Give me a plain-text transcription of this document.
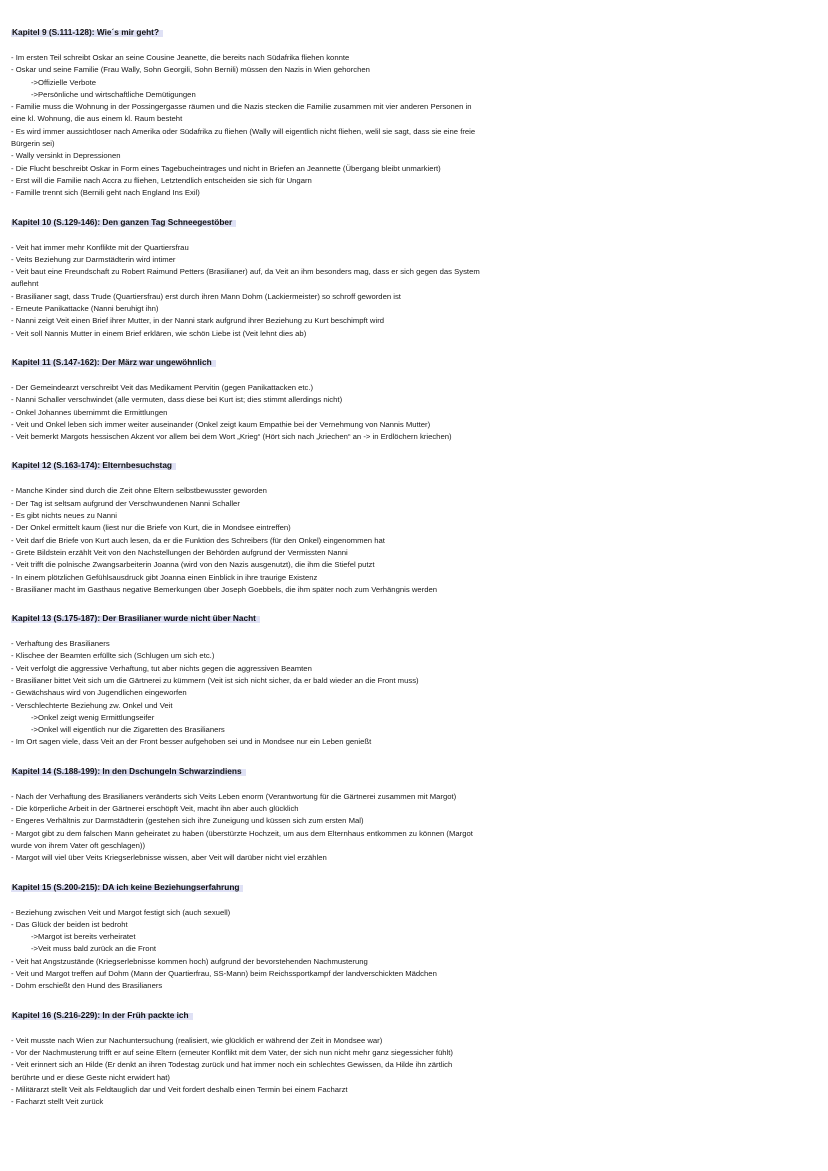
Kapitel 9 (S.111-128): Wie´s mir geht?
- Im ersten Teil schreibt Oskar an seine Cousine Jeanette, die bereits nach Südafrika fliehen konnte
- Oskar und seine Familie (Frau Wally, Sohn Georgili, Sohn Bernili) müssen den Nazis in Wien gehorchen
->Offizielle Verbote
->Persönliche und wirtschaftliche Demütigungen
- Familie muss die Wohnung in der Possingergasse räumen und die Nazis stecken die Familie zusammen mit vier anderen Personen in
eine kl. Wohnung, die aus einem kl. Raum besteht
- Es wird immer aussichtloser nach Amerika oder Südafrika zu fliehen (Wally will eigentlich nicht fliehen, welil sie sagt, dass sie eine freie
Bürgerin sei)
- Wally versinkt in Depressionen
- Die Flucht beschreibt Oskar in Form eines Tagebucheintrages und nicht in Briefen an Jeannette (Übergang bleibt unmarkiert)
- Erst will die Familie nach Accra zu fliehen, Letztendlich entscheiden sie sich für Ungarn
- Famille trennt sich (Bernili geht nach England Ins Exil)
Kapitel 10 (S.129-146): Den ganzen Tag Schneegestöber
- Veit hat immer mehr Konflikte mit der Quartiersfrau
- Veits Beziehung zur Darmstädterin wird intimer
- Veit baut eine Freundschaft zu Robert Raimund Petters (Brasilianer) auf, da Veit an ihm besonders mag, dass er sich gegen das System
auflehnt
- Brasilianer sagt, dass Trude (Quartiersfrau) erst durch ihren Mann Dohm (Lackiermeister) so schroff geworden ist
- Erneute Panikattacke (Nanni beruhigt ihn)
- Nanni zeigt Veit einen Brief ihrer Mutter, in der Nanni stark aufgrund ihrer Beziehung zu Kurt beschimpft wird
- Veit soll Nannis Mutter in einem Brief erklären, wie schön Liebe ist (Veit lehnt dies ab)
Kapitel 11 (S.147-162): Der März war ungewöhnlich
- Der Gemeindearzt verschreibt Veit das Medikament Pervitin (gegen Panikattacken etc.)
- Nanni Schaller verschwindet (alle vermuten, dass diese bei Kurt ist; dies stimmt allerdings nicht)
- Onkel Johannes übernimmt die Ermittlungen
- Veit und Onkel leben sich immer weiter auseinander (Onkel zeigt kaum Empathie bei der Vernehmung von Nannis Mutter)
- Veit bemerkt Margots hessischen Akzent vor allem bei dem Wort „Krieg“ (Hört sich nach „kriechen“ an -> in Erdlöchern kriechen)
Kapitel 12 (S.163-174): Elternbesuchstag
- Manche Kinder sind durch die Zeit ohne Eltern selbstbewusster geworden
- Der Tag ist seltsam aufgrund der Verschwundenen Nanni Schaller
- Es gibt nichts neues zu Nanni
- Der Onkel ermittelt kaum (liest nur die Briefe von Kurt, die in Mondsee eintreffen)
- Veit darf die Briefe von Kurt auch lesen, da er die Funktion des Schreibers (für den Onkel) eingenommen hat
- Grete Bildstein erzählt Veit von den Nachstellungen der Behörden aufgrund der Vermissten Nanni
- Veit trifft die polnische Zwangsarbeiterin Joanna (wird von den Nazis ausgenutzt), die ihm die Stiefel putzt
- In einem plötzlichen Gefühlsausdruck gibt Joanna einen Einblick in ihre traurige Existenz
- Brasilianer macht im Gasthaus negative Bemerkungen über Joseph Goebbels, die ihm später noch zum Verhängnis werden
Kapitel 13 (S.175-187): Der Brasilianer wurde nicht über Nacht
- Verhaftung des Brasilianers
- Klischee der Beamten erfüllte sich (Schlugen um sich etc.)
- Veit verfolgt die aggressive Verhaftung, tut aber nichts gegen die aggressiven Beamten
- Brasilianer bittet Veit sich um die Gärtnerei zu kümmern (Veit ist sich nicht sicher, da er bald wieder an die Front muss)
- Gewächshaus wird von Jugendlichen eingeworfen
- Verschlechterte Beziehung zw. Onkel und Veit
->Onkel zeigt wenig Ermittlungseifer
->Onkel will eigentlich nur die Zigaretten des Brasilianers
- Im Ort sagen viele, dass Veit an der Front besser aufgehoben sei und in Mondsee nur ein Leben genießt
Kapitel 14 (S.188-199): In den Dschungeln Schwarzindiens
- Nach der Verhaftung des Brasilianers veränderts sich Veits Leben enorm (Verantwortung für die Gärtnerei zusammen mit Margot)
- Die körperliche Arbeit in der Gärtnerei erschöpft Veit, macht ihn aber auch glücklich
- Engeres Verhältnis zur Darmstädterin (gestehen sich ihre Zuneigung und küssen sich zum ersten Mal)
- Margot gibt zu dem falschen Mann geheiratet zu haben (überstürzte Hochzeit, um aus dem Elternhaus entkommen zu können (Margot
wurde von ihrem Vater oft geschlagen))
- Margot will viel über Veits Kriegserlebnisse wissen, aber Veit will darüber nicht viel erzählen
Kapitel 15 (S.200-215): DA ich keine Beziehungserfahrung
- Beziehung zwischen Veit und Margot festigt sich (auch sexuell)
- Das Glück der beiden ist bedroht
->Margot ist bereits verheiratet
->Veit muss bald zurück an die Front
- Veit hat Angstzustände (Kriegserlebnisse kommen hoch) aufgrund der bevorstehenden Nachmusterung
- Veit und Margot treffen auf Dohm (Mann der Quartierfrau, SS-Mann) beim Reichssportkampf der landverschickten Mädchen
- Dohm erschießt den Hund des Brasilianers
Kapitel 16 (S.216-229): In der Früh packte ich
- Veit musste nach Wien zur Nachuntersuchung (realisiert, wie glücklich er während der Zeit in Mondsee war)
- Vor der Nachmusterung trifft er auf seine Eltern (erneuter Konflikt mit dem Vater, der sich nun nicht mehr ganz siegessicher fühlt)
- Veit erinnert sich an Hilde (Er denkt an ihren Todestag zurück und hat immer noch ein schlechtes Gewissen, da Hilde ihn zärtlich
berührte und er diese Geste nicht erwidert hat)
- Militärarzt stellt Veit als Feldtauglich dar und Veit fordert deshalb einen Termin bei einem Facharzt
- Facharzt stellt Veit zurück
